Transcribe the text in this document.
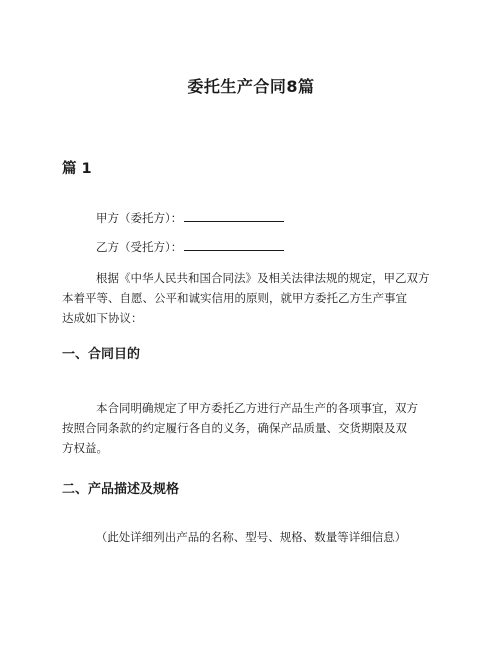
委托生产合同8篇
篇 1
甲方（委托方）：
乙方（受托方）：
根据《中华人民共和国合同法》及相关法律法规的规定，甲乙双方
本着平等、自愿、公平和诚实信用的原则，就甲方委托乙方生产事宜
达成如下协议：
一、合同目的
本合同明确规定了甲方委托乙方进行产品生产的各项事宜，双方
按照合同条款的约定履行各自的义务，确保产品质量、交货期限及双
方权益。
二、产品描述及规格
（此处详细列出产品的名称、型号、规格、数量等详细信息）
